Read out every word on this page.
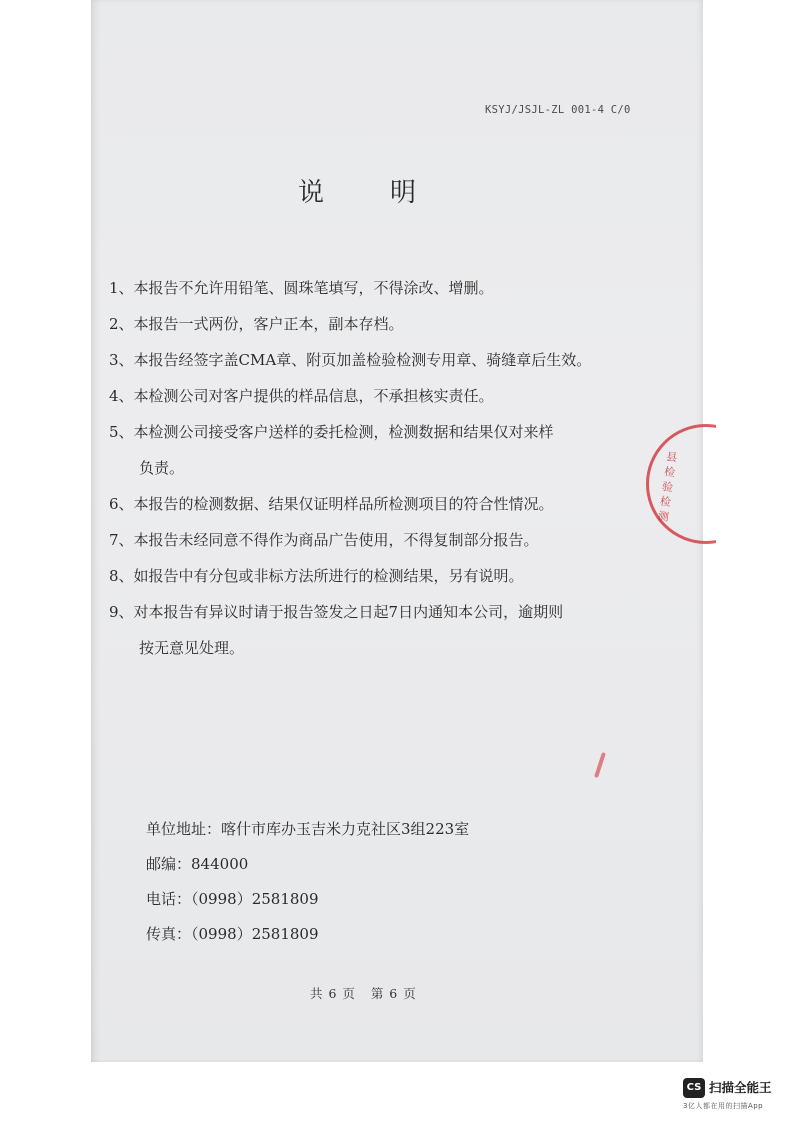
KSYJ/JSJL-ZL 001-4 C/0
说明
1、本报告不允许用铅笔、圆珠笔填写，不得涂改、增删。
2、本报告一式两份，客户正本，副本存档。
3、本报告经签字盖CMA章、附页加盖检验检测专用章、骑缝章后生效。
4、本检测公司对客户提供的样品信息，不承担核实责任。
5、本检测公司接受客户送样的委托检测，检测数据和结果仅对来样
负责。
6、本报告的检测数据、结果仅证明样品所检测项目的符合性情况。
7、本报告未经同意不得作为商品广告使用，不得复制部分报告。
8、如报告中有分包或非标方法所进行的检测结果，另有说明。
9、对本报告有异议时请于报告签发之日起7日内通知本公司，逾期则
按无意见处理。
县检验检测
单位地址：喀什市库办玉吉米力克社区3组223室
邮编：844000
电话：（0998）2581809
传真：（0998）2581809
共 6 页 第 6 页
CS 扫描全能王
3亿人都在用的扫描App
